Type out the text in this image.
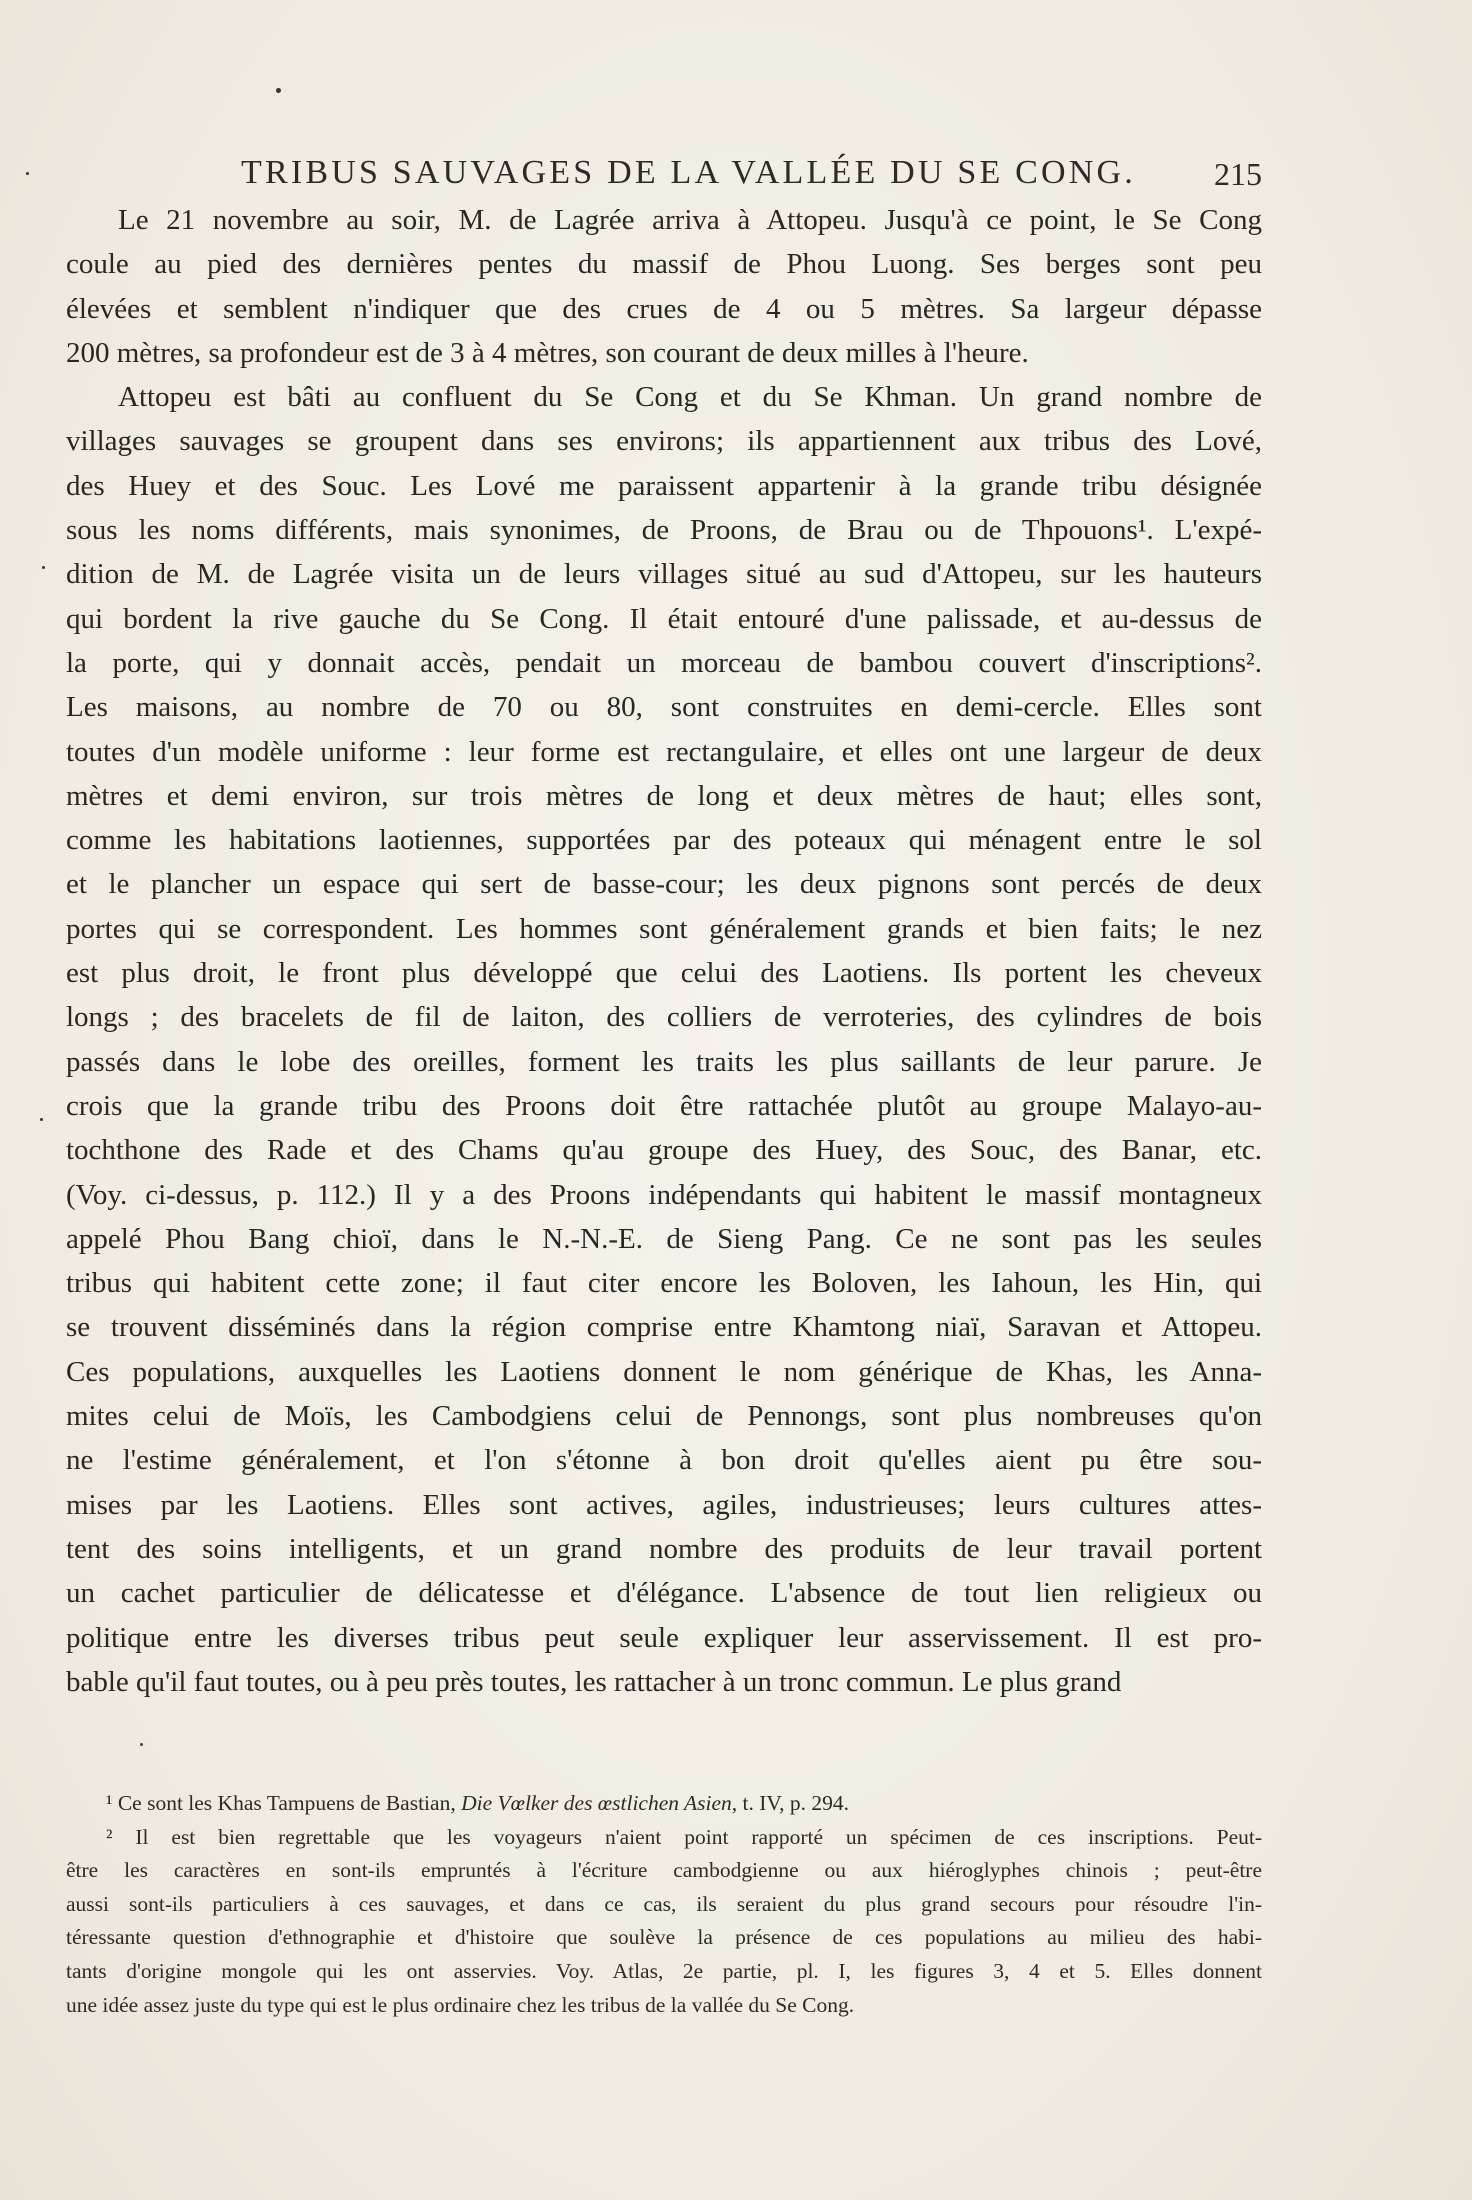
TRIBUS SAUVAGES DE LA VALLÉE DU SE CONG. 215
Le 21 novembre au soir, M. de Lagrée arriva à Attopeu. Jusqu'à ce point, le Se Cong
coule au pied des dernières pentes du massif de Phou Luong. Ses berges sont peu
élevées et semblent n'indiquer que des crues de 4 ou 5 mètres. Sa largeur dépasse
200 mètres, sa profondeur est de 3 à 4 mètres, son courant de deux milles à l'heure.
Attopeu est bâti au confluent du Se Cong et du Se Khman. Un grand nombre de
villages sauvages se groupent dans ses environs; ils appartiennent aux tribus des Lové,
des Huey et des Souc. Les Lové me paraissent appartenir à la grande tribu désignée
sous les noms différents, mais synonimes, de Proons, de Brau ou de Thpouons¹. L'expé-
dition de M. de Lagrée visita un de leurs villages situé au sud d'Attopeu, sur les hauteurs
qui bordent la rive gauche du Se Cong. Il était entouré d'une palissade, et au-dessus de
la porte, qui y donnait accès, pendait un morceau de bambou couvert d'inscriptions².
Les maisons, au nombre de 70 ou 80, sont construites en demi-cercle. Elles sont
toutes d'un modèle uniforme : leur forme est rectangulaire, et elles ont une largeur de deux
mètres et demi environ, sur trois mètres de long et deux mètres de haut; elles sont,
comme les habitations laotiennes, supportées par des poteaux qui ménagent entre le sol
et le plancher un espace qui sert de basse-cour; les deux pignons sont percés de deux
portes qui se correspondent. Les hommes sont généralement grands et bien faits; le nez
est plus droit, le front plus développé que celui des Laotiens. Ils portent les cheveux
longs ; des bracelets de fil de laiton, des colliers de verroteries, des cylindres de bois
passés dans le lobe des oreilles, forment les traits les plus saillants de leur parure. Je
crois que la grande tribu des Proons doit être rattachée plutôt au groupe Malayo-au-
tochthone des Rade et des Chams qu'au groupe des Huey, des Souc, des Banar, etc.
(Voy. ci-dessus, p. 112.) Il y a des Proons indépendants qui habitent le massif montagneux
appelé Phou Bang chioï, dans le N.-N.-E. de Sieng Pang. Ce ne sont pas les seules
tribus qui habitent cette zone; il faut citer encore les Boloven, les Iahoun, les Hin, qui
se trouvent disséminés dans la région comprise entre Khamtong niaï, Saravan et Attopeu.
Ces populations, auxquelles les Laotiens donnent le nom générique de Khas, les Anna-
mites celui de Moïs, les Cambodgiens celui de Pennongs, sont plus nombreuses qu'on
ne l'estime généralement, et l'on s'étonne à bon droit qu'elles aient pu être sou-
mises par les Laotiens. Elles sont actives, agiles, industrieuses; leurs cultures attes-
tent des soins intelligents, et un grand nombre des produits de leur travail portent
un cachet particulier de délicatesse et d'élégance. L'absence de tout lien religieux ou
politique entre les diverses tribus peut seule expliquer leur asservissement. Il est pro-
bable qu'il faut toutes, ou à peu près toutes, les rattacher à un tronc commun. Le plus grand
¹ Ce sont les Khas Tampuens de Bastian, Die Vœlker des œstlichen Asien, t. IV, p. 294.
² Il est bien regrettable que les voyageurs n'aient point rapporté un spécimen de ces inscriptions. Peut-
être les caractères en sont-ils empruntés à l'écriture cambodgienne ou aux hiéroglyphes chinois ; peut-être
aussi sont-ils particuliers à ces sauvages, et dans ce cas, ils seraient du plus grand secours pour résoudre l'in-
téressante question d'ethnographie et d'histoire que soulève la présence de ces populations au milieu des habi-
tants d'origine mongole qui les ont asservies. Voy. Atlas, 2e partie, pl. I, les figures 3, 4 et 5. Elles donnent
une idée assez juste du type qui est le plus ordinaire chez les tribus de la vallée du Se Cong.
